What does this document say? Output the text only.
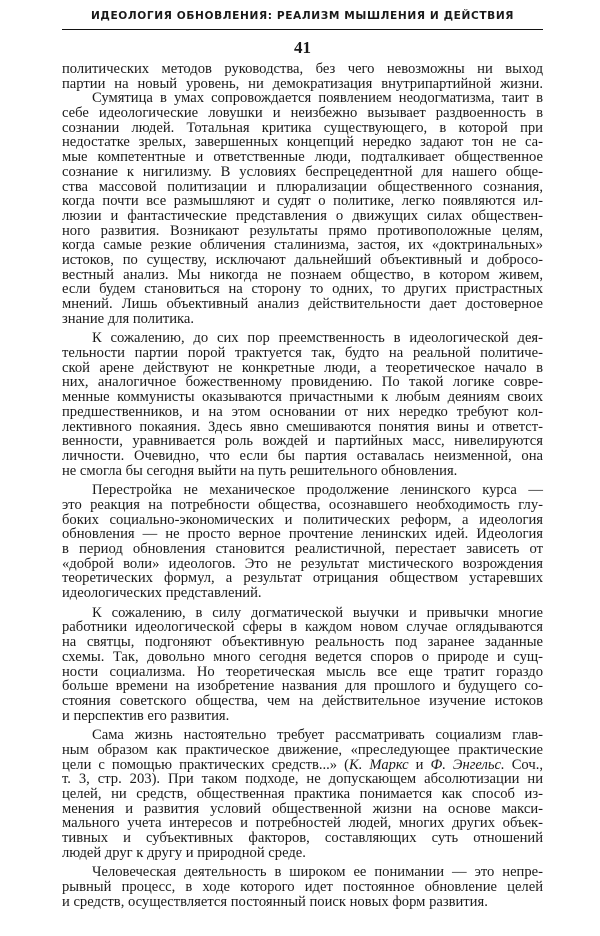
ИДЕОЛОГИЯ ОБНОВЛЕНИЯ: РЕАЛИЗМ МЫШЛЕНИЯ И ДЕЙСТВИЯ
41
политических методов руководства, без чего невозможны ни выход
партии на новый уровень, ни демократизация внутрипартийной жизни.
Сумятица в умах сопровождается появлением неодогматизма, таит в
себе идеологические ловушки и неизбежно вызывает раздвоенность в
сознании людей. Тотальная критика существующего, в которой при
недостатке зрелых, завершенных концепций нередко задают тон не са-
мые компетентные и ответственные люди, подталкивает общественное
сознание к нигилизму. В условиях беспрецедентной для нашего обще-
ства массовой политизации и плюрализации общественного сознания,
когда почти все размышляют и судят о политике, легко появляются ил-
люзии и фантастические представления о движущих силах обществен-
ного развития. Возникают результаты прямо противоположные целям,
когда самые резкие обличения сталинизма, застоя, их «доктринальных»
истоков, по существу, исключают дальнейший объективный и добросо-
вестный анализ. Мы никогда не познаем общество, в котором живем,
если будем становиться на сторону то одних, то других пристрастных
мнений. Лишь объективный анализ действительности дает достоверное
знание для политика.
К сожалению, до сих пор преемственность в идеологической дея-
тельности партии порой трактуется так, будто на реальной политиче-
ской арене действуют не конкретные люди, а теоретическое начало в
них, аналогичное божественному провидению. По такой логике совре-
менные коммунисты оказываются причастными к любым деяниям своих
предшественников, и на этом основании от них нередко требуют кол-
лективного покаяния. Здесь явно смешиваются понятия вины и ответст-
венности, уравнивается роль вождей и партийных масс, нивелируются
личности. Очевидно, что если бы партия оставалась неизменной, она
не смогла бы сегодня выйти на путь решительного обновления.
Перестройка не механическое продолжение ленинского курса —
это реакция на потребности общества, осознавшего необходимость глу-
боких социально-экономических и политических реформ, а идеология
обновления — не просто верное прочтение ленинских идей. Идеология
в период обновления становится реалистичной, перестает зависеть от
«доброй воли» идеологов. Это не результат мистического возрождения
теоретических формул, а результат отрицания обществом устаревших
идеологических представлений.
К сожалению, в силу догматической выучки и привычки многие
работники идеологической сферы в каждом новом случае оглядываются
на святцы, подгоняют объективную реальность под заранее заданные
схемы. Так, довольно много сегодня ведется споров о природе и сущ-
ности социализма. Но теоретическая мысль все еще тратит гораздо
больше времени на изобретение названия для прошлого и будущего со-
стояния советского общества, чем на действительное изучение истоков
и перспектив его развития.
Сама жизнь настоятельно требует рассматривать социализм глав-
ным образом как практическое движение, «преследующее практические
цели с помощью практических средств...» (К. Маркс и Ф. Энгельс. Соч.,
т. 3, стр. 203). При таком подходе, не допускающем абсолютизации ни
целей, ни средств, общественная практика понимается как способ из-
менения и развития условий общественной жизни на основе макси-
мального учета интересов и потребностей людей, многих других объек-
тивных и субъективных факторов, составляющих суть отношений
людей друг к другу и природной среде.
Человеческая деятельность в широком ее понимании — это непре-
рывный процесс, в ходе которого идет постоянное обновление целей
и средств, осуществляется постоянный поиск новых форм развития.
